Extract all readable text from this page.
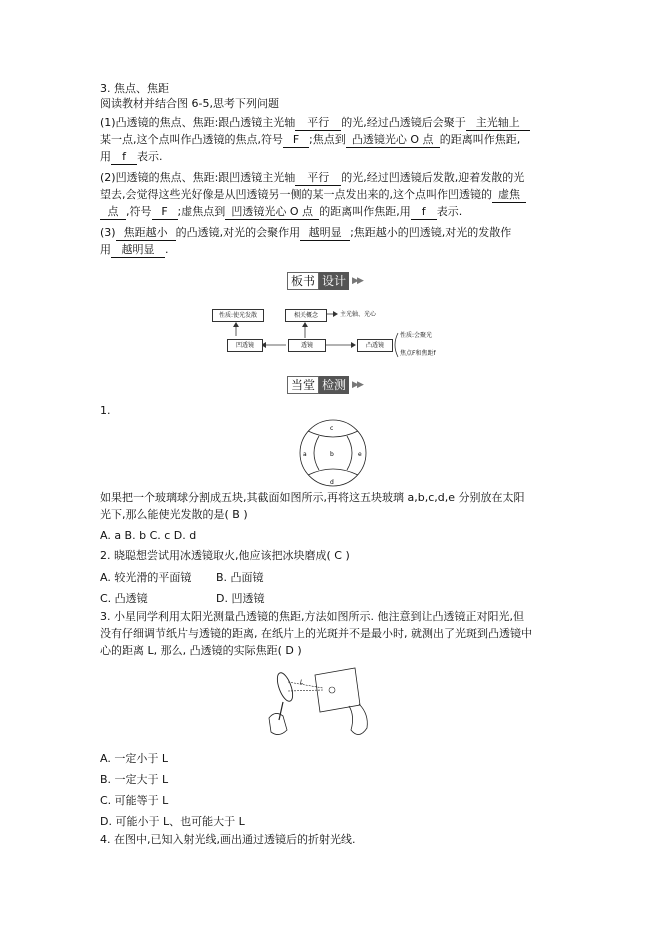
3. 焦点、焦距
阅读教材并结合图 6-5,思考下列问题
(1)凸透镜的焦点、焦距:跟凸透镜主光轴 平行 的光,经过凸透镜后会聚于 主光轴上
某一点,这个点叫作凸透镜的焦点,符号 F ;焦点到 凸透镜光心 O 点 的距离叫作焦距,
用 f 表示.
(2)凹透镜的焦点、焦距:跟凹透镜主光轴 平行 的光,经过凹透镜后发散,迎着发散的光
望去,会觉得这些光好像是从凹透镜另一侧的某一点发出来的,这个点叫作凹透镜的 虚焦
点 ,符号 F ;虚焦点到 凹透镜光心 O 点 的距离叫作焦距,用 f 表示.
(3) 焦距越小 的凸透镜,对光的会聚作用 越明显 ;焦距越小的凹透镜,对光的发散作
用 越明显 .
板书 设计 ▶▶
性质:使光发散	相关概念
凹透镜	透镜	凸透镜
主光轴、光心
性质:会聚光
焦点F和焦距f
当堂 检测 ▶▶
1.
a	b
c
d
e
如果把一个玻璃球分割成五块,其截面如图所示,再将这五块玻璃 a,b,c,d,e 分别放在太阳
光下,那么能使光发散的是( B )
A. a B. b C. c D. d
2. 晓聪想尝试用冰透镜取火,他应该把冰块磨成( C )
A. 较光滑的平面镜 B. 凸面镜
C. 凸透镜	D. 凹透镜
3. 小星同学利用太阳光测量凸透镜的焦距,方法如图所示. 他注意到让凸透镜正对阳光,但
没有仔细调节纸片与透镜的距离, 在纸片上的光斑并不是最小时, 就测出了光斑到凸透镜中
心的距离 L, 那么, 凸透镜的实际焦距( D )
L
A. 一定小于 L
B. 一定大于 L
C. 可能等于 L
D. 可能小于 L、也可能大于 L
4. 在图中,已知入射光线,画出通过透镜后的折射光线.
